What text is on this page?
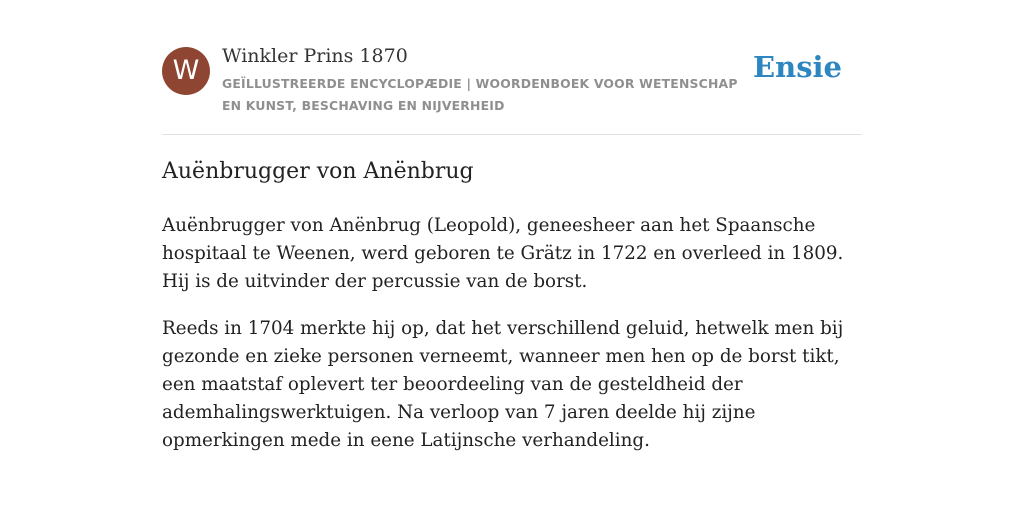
W	Winkler Prins 1870
GEÏLLUSTREERDE ENCYCLOPÆDIE | WOORDENBOEK VOOR WETENSCHAP EN KUNST, BESCHAVING EN NIJVERHEID
Ensie
Auënbrugger von Anënbrug

Auënbrugger von Anënbrug (Leopold), geneesheer aan het Spaansche hospitaal te Weenen, werd geboren te Grätz in 1722 en overleed in 1809. Hij is de uitvinder der percussie van de borst.

Reeds in 1704 merkte hij op, dat het verschillend geluid, hetwelk men bij gezonde en zieke personen verneemt, wanneer men hen op de borst tikt, een maatstaf oplevert ter beoordeeling van de gesteldheid der ademhalingswerktuigen. Na verloop van 7 jaren deelde hij zijne opmerkingen mede in eene Latijnsche verhandeling.
